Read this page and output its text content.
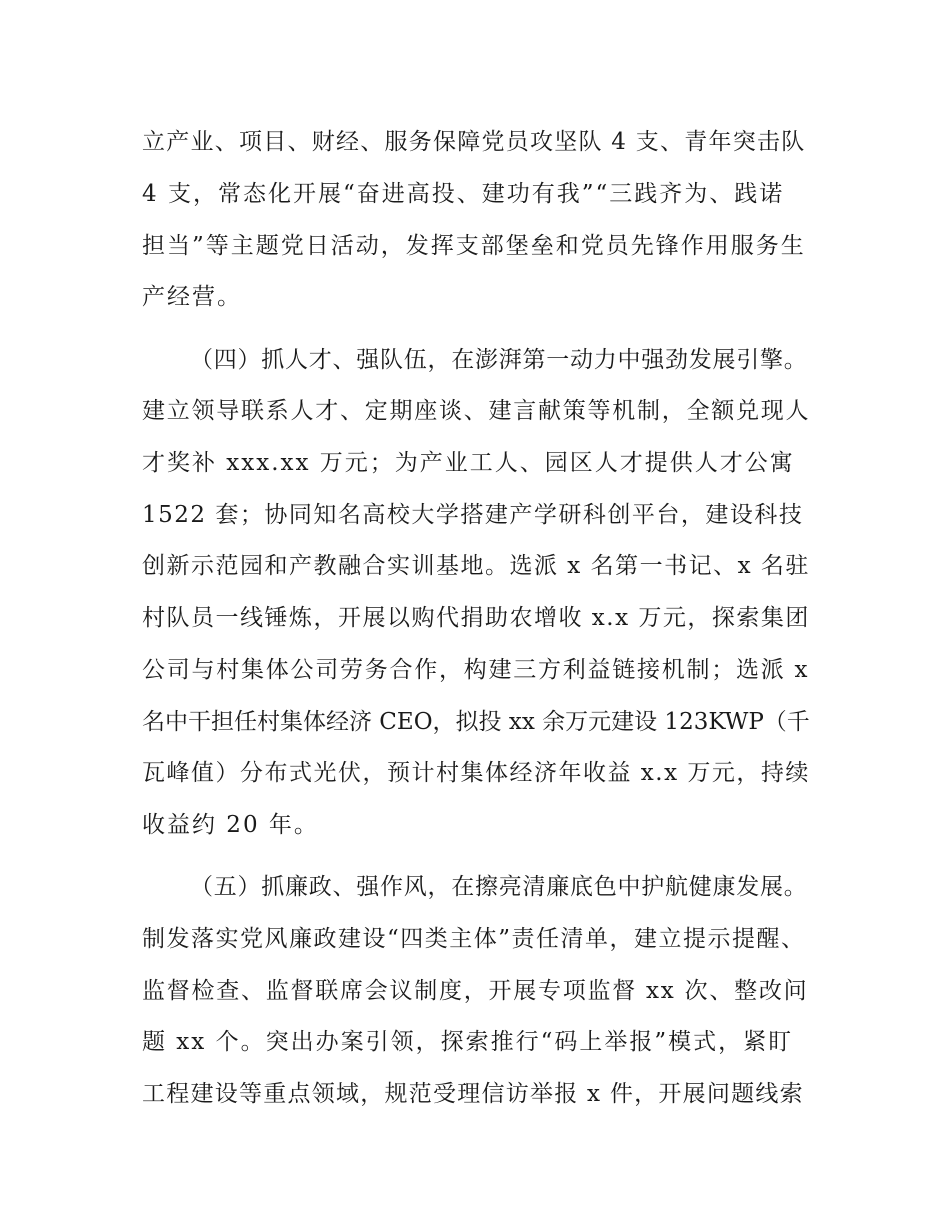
立产业、项目、财经、服务保障党员攻坚队 4 支、青年突击队
4 支，常态化开展“奋进高投、建功有我”“三践齐为、践诺
担当”等主题党日活动，发挥支部堡垒和党员先锋作用服务生
产经营。
（四）抓人才、强队伍，在澎湃第一动力中强劲发展引擎。
建立领导联系人才、定期座谈、建言献策等机制，全额兑现人
才奖补 xxx.xx 万元；为产业工人、园区人才提供人才公寓
1522 套；协同知名高校大学搭建产学研科创平台，建设科技
创新示范园和产教融合实训基地。选派 x 名第一书记、x 名驻
村队员一线锤炼，开展以购代捐助农增收 x.x 万元，探索集团
公司与村集体公司劳务合作，构建三方利益链接机制；选派 x
名中干担任村集体经济 CEO，拟投 xx 余万元建设 123KWP（千
瓦峰值）分布式光伏，预计村集体经济年收益 x.x 万元，持续
收益约 20 年。
（五）抓廉政、强作风，在擦亮清廉底色中护航健康发展。
制发落实党风廉政建设“四类主体”责任清单，建立提示提醒、
监督检查、监督联席会议制度，开展专项监督 xx 次、整改问
题 xx 个。突出办案引领，探索推行“码上举报”模式，紧盯
工程建设等重点领域，规范受理信访举报 x 件，开展问题线索
